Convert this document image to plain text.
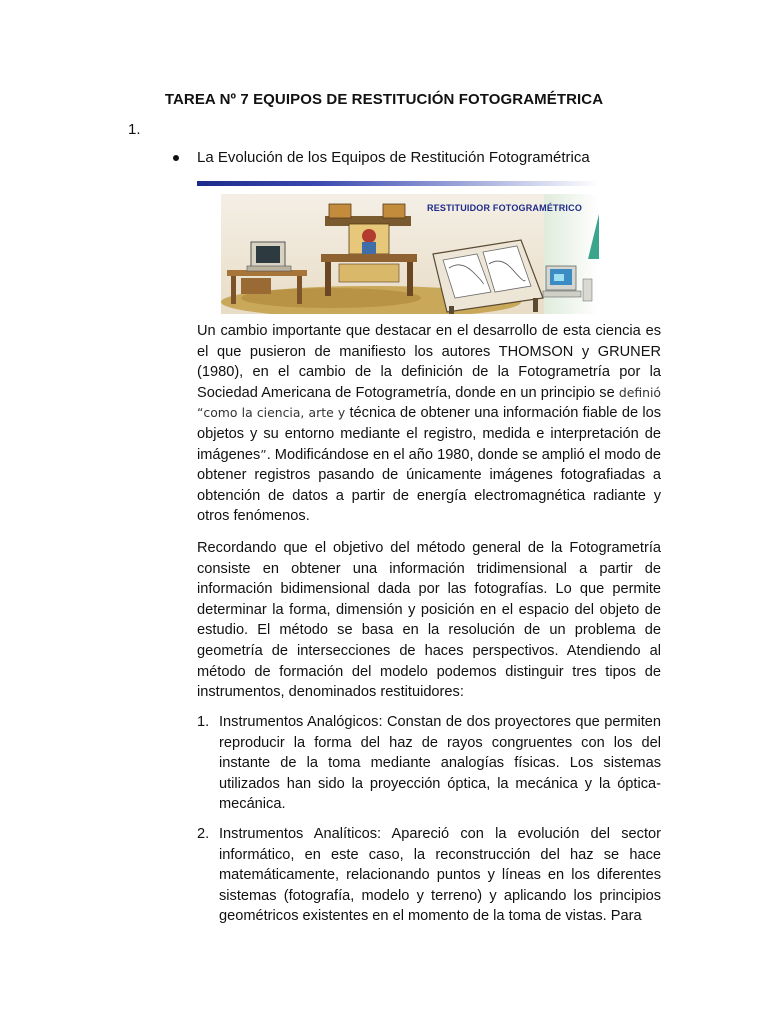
TAREA Nº 7 EQUIPOS DE RESTITUCIÓN FOTOGRAMÉTRICA
1.
La Evolución de los Equipos de Restitución Fotogramétrica
RESTITUIDOR FOTOGRAMÉTRICO

Un cambio importante que destacar en el desarrollo de esta ciencia es el que pusieron de manifiesto los autores THOMSON y GRUNER (1980), en el cambio de la definición de la Fotogrametría por la Sociedad Americana de Fotogrametría, donde en un principio se definió “como la ciencia, arte y técnica de obtener una información fiable de los objetos y su entorno mediante el registro, medida e interpretación de imágenes”. Modificándose en el año 1980, donde se amplió el modo de obtener registros pasando de únicamente imágenes fotografiadas a obtención de datos a partir de energía electromagnética radiante y otros fenómenos.

Recordando que el objetivo del método general de la Fotogrametría consiste en obtener una información tridimensional a partir de información bidimensional dada por las fotografías. Lo que permite determinar la forma, dimensión y posición en el espacio del objeto de estudio. El método se basa en la resolución de un problema de geometría de intersecciones de haces perspectivos. Atendiendo al método de formación del modelo podemos distinguir tres tipos de instrumentos, denominados restituidores:

1. Instrumentos Analógicos: Constan de dos proyectores que permiten reproducir la forma del haz de rayos congruentes con los del instante de la toma mediante analogías físicas. Los sistemas utilizados han sido la proyección óptica, la mecánica y la óptica-mecánica.
2. Instrumentos Analíticos: Apareció con la evolución del sector informático, en este caso, la reconstrucción del haz se hace matemáticamente, relacionando puntos y líneas en los diferentes sistemas (fotografía, modelo y terreno) y aplicando los principios geométricos existentes en el momento de la toma de vistas. Para
